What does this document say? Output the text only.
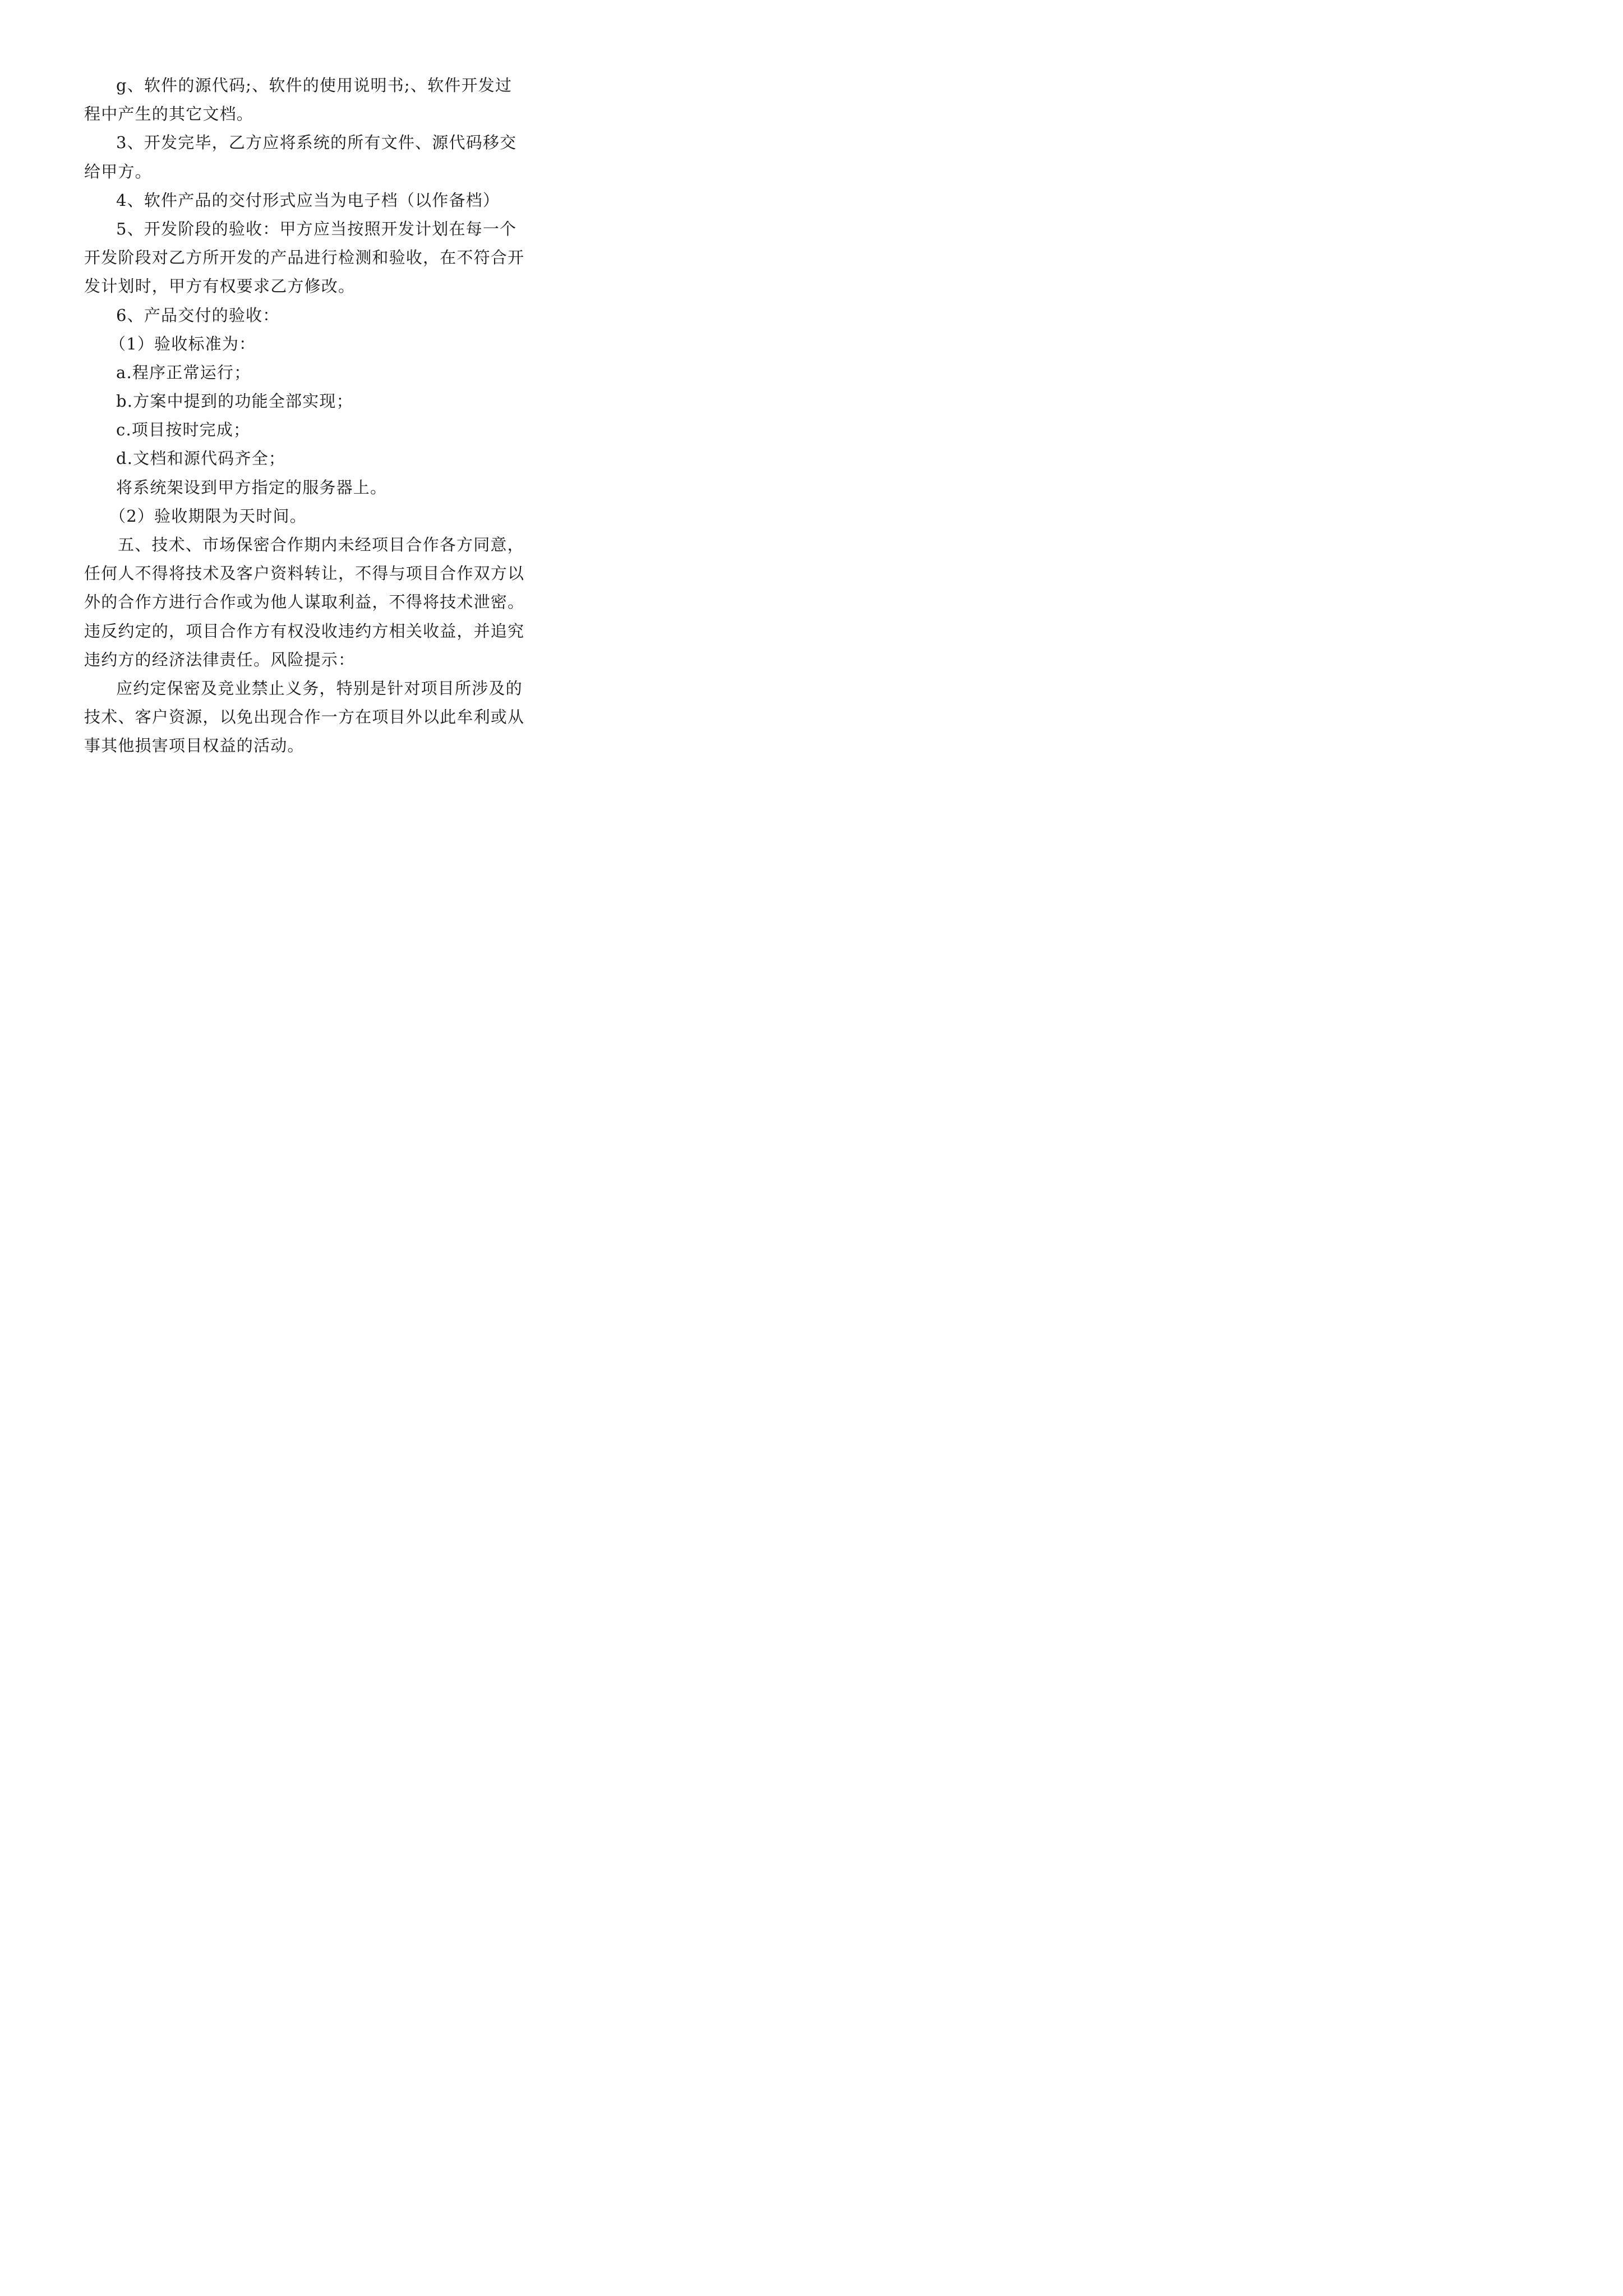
g、软件的源代码;、软件的使用说明书;、软件开发过
程中产生的其它文档。
3、开发完毕，乙方应将系统的所有文件、源代码移交
给甲方。
4、软件产品的交付形式应当为电子档（以作备档）
5、开发阶段的验收：甲方应当按照开发计划在每一个
开发阶段对乙方所开发的产品进行检测和验收，在不符合开
发计划时，甲方有权要求乙方修改。
6、产品交付的验收：
（1）验收标准为：
a.程序正常运行；
b.方案中提到的功能全部实现；
c.项目按时完成；
d.文档和源代码齐全；
将系统架设到甲方指定的服务器上。
（2）验收期限为天时间。
五、技术、市场保密合作期内未经项目合作各方同意，
任何人不得将技术及客户资料转让，不得与项目合作双方以
外的合作方进行合作或为他人谋取利益，不得将技术泄密。
违反约定的，项目合作方有权没收违约方相关收益，并追究
违约方的经济法律责任。风险提示：
应约定保密及竞业禁止义务，特别是针对项目所涉及的
技术、客户资源，以免出现合作一方在项目外以此牟利或从
事其他损害项目权益的活动。
